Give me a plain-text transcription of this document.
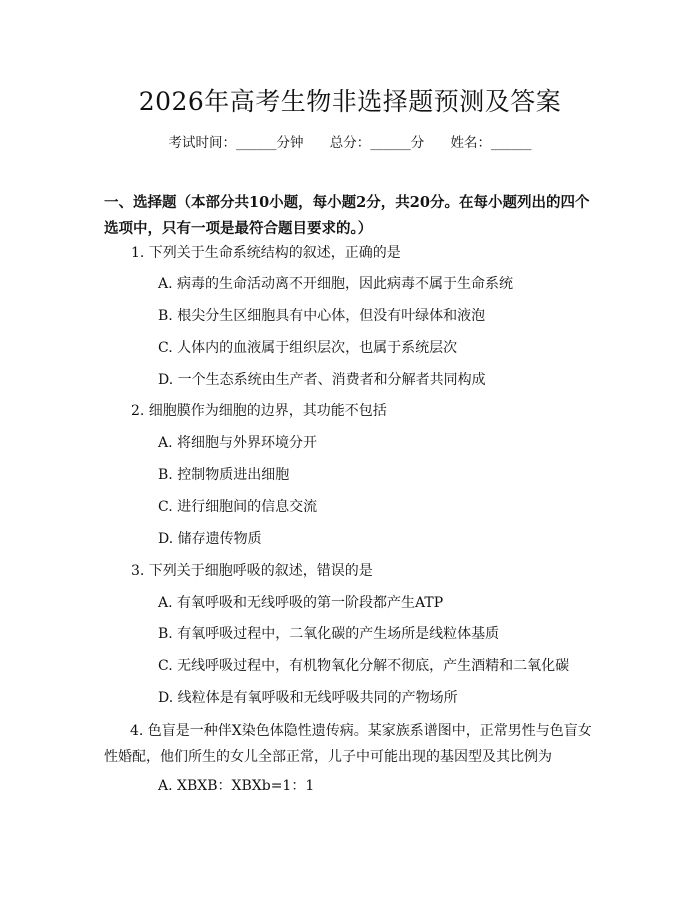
2026年高考生物非选择题预测及答案
考试时间：______分钟 总分：______分 姓名：______
一、选择题（本部分共10小题，每小题2分，共20分。在每小题列出的四个选项中，只有一项是最符合题目要求的。）
1. 下列关于生命系统结构的叙述，正确的是
A. 病毒的生命活动离不开细胞，因此病毒不属于生命系统
B. 根尖分生区细胞具有中心体，但没有叶绿体和液泡
C. 人体内的血液属于组织层次，也属于系统层次
D. 一个生态系统由生产者、消费者和分解者共同构成
2. 细胞膜作为细胞的边界，其功能不包括
A. 将细胞与外界环境分开
B. 控制物质进出细胞
C. 进行细胞间的信息交流
D. 储存遗传物质
3. 下列关于细胞呼吸的叙述，错误的是
A. 有氧呼吸和无线呼吸的第一阶段都产生ATP
B. 有氧呼吸过程中，二氧化碳的产生场所是线粒体基质
C. 无线呼吸过程中，有机物氧化分解不彻底，产生酒精和二氧化碳
D. 线粒体是有氧呼吸和无线呼吸共同的产物场所
4. 色盲是一种伴X染色体隐性遗传病。某家族系谱图中，正常男性与色盲女性婚配，他们所生的女儿全部正常，儿子中可能出现的基因型及其比例为
A. XBXB：XBXb=1：1
